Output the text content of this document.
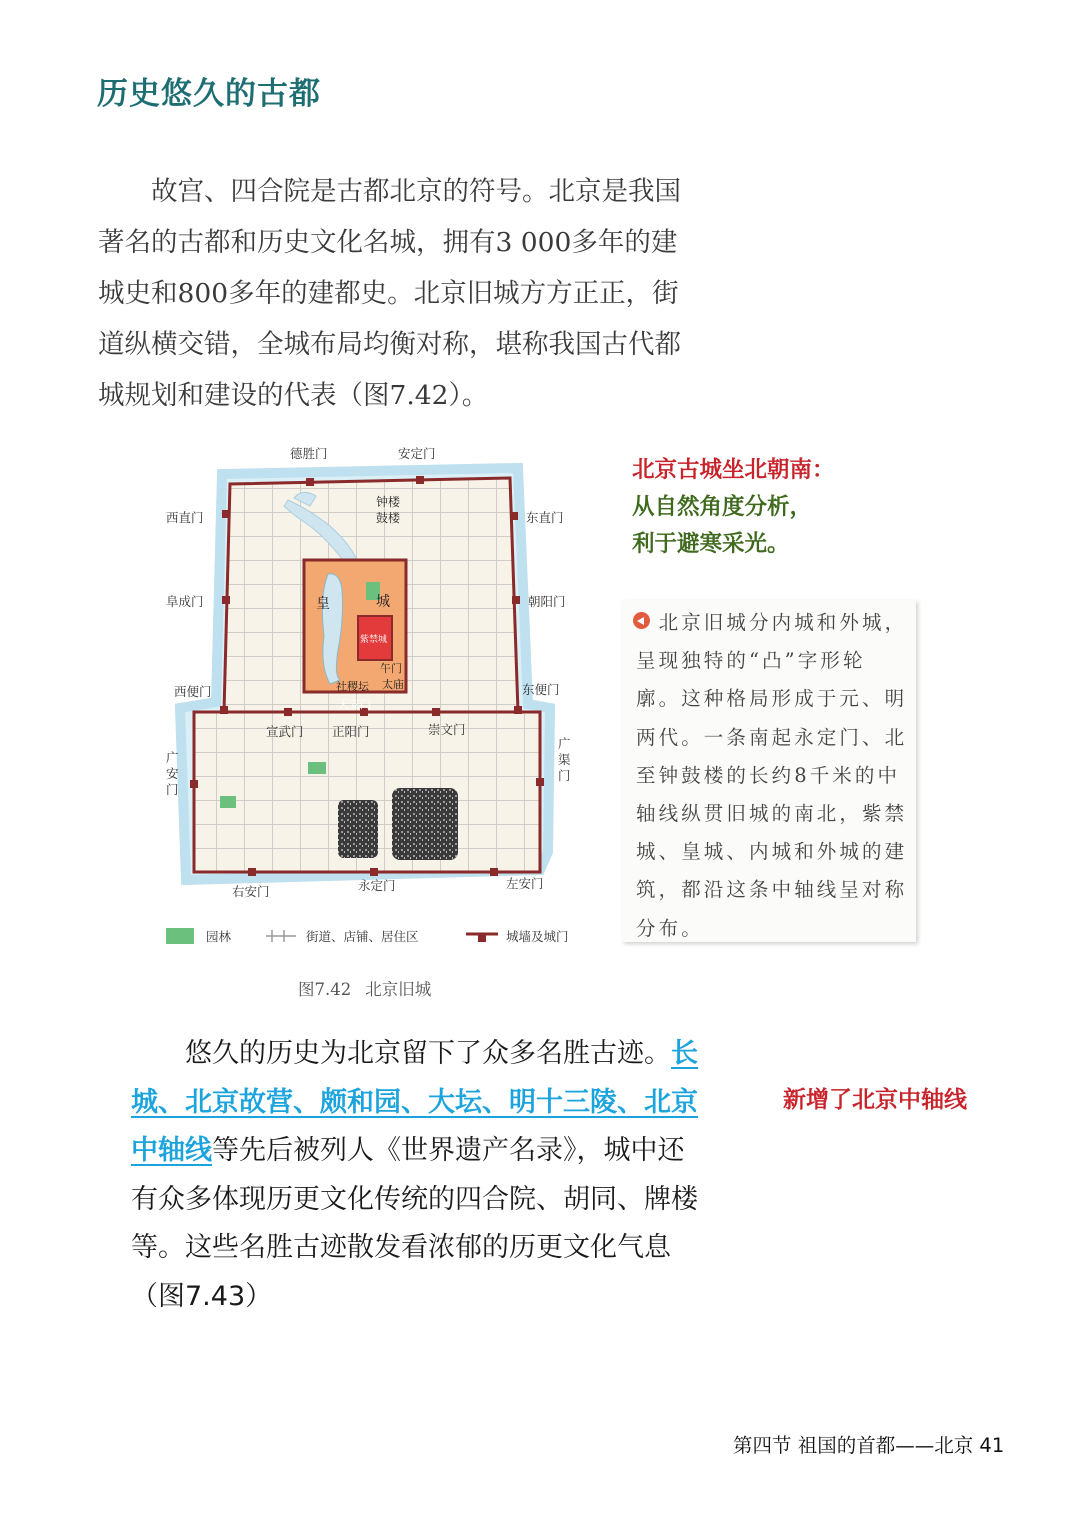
历史悠久的古都
　　故宫、四合院是古都北京的符号。北京是我国
著名的古都和历史文化名城，拥有3 000多年的建
城史和800多年的建都史。北京旧城方方正正，街
道纵横交错，全城布局均衡对称，堪称我国古代都
城规划和建设的代表（图7.42）。
德胜门	安定门
西直门	东直门
阜成门	朝阳门
西便门	东便门
宣武门 正阳门	崇文门
右安门	永定门	左安门
广
安
门
广
渠
门
钟楼
鼓楼
皇	城
紫禁城
午门
社稷坛 太庙
天安门
园林	街道、店铺、居住区	城墙及城门
图7.42 北京旧城
北京古城坐北朝南：
从自然角度分析，
利于避寒采光。
　北京旧城分内城和外城，
呈现独特的“凸”字形轮
廓。这种格局形成于元、明
两代。一条南起永定门、北
至钟鼓楼的长约8千米的中
轴线纵贯旧城的南北，紫禁
城、皇城、内城和外城的建
筑，都沿这条中轴线呈对称
分布。
　　悠久的历史为北京留下了众多名胜古迹。长
城、北京故营、颇和园、大坛、明十三陵、北京
中轴线等先后被列人《世界遗产名录》，城中还
有众多体现历更文化传统的四合院、胡同、牌楼
等。这些名胜古迹散发看浓郁的历更文化气息
（图7.43）
新增了北京中轴线
第四节 祖国的首都——北京 41
